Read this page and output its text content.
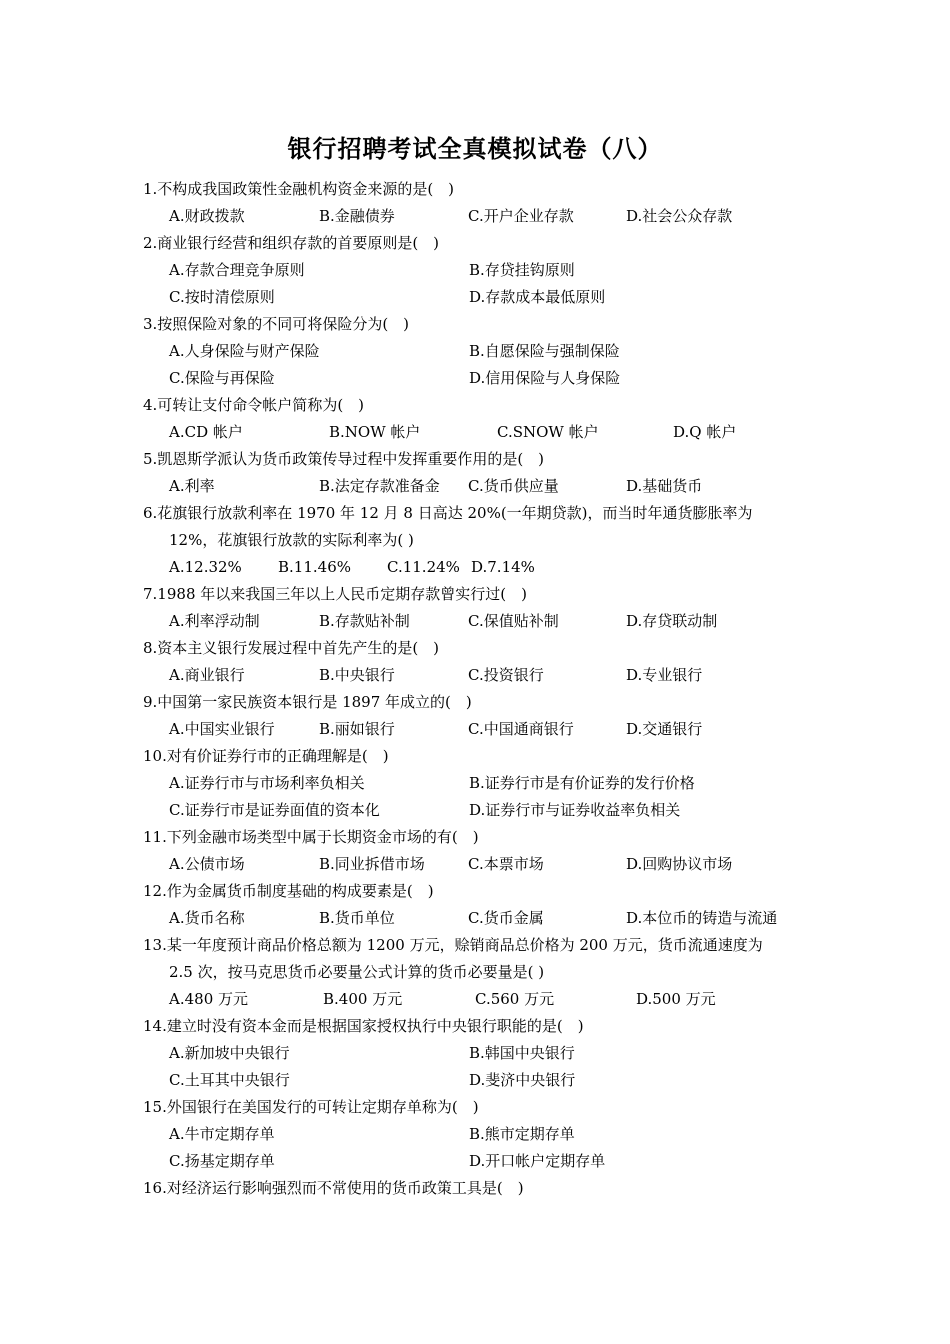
银行招聘考试全真模拟试卷（八）
1.不构成我国政策性金融机构资金来源的是(　)
A.财政拨款	B.金融债券	C.开户企业存款	D.社会公众存款
2.商业银行经营和组织存款的首要原则是(　)
A.存款合理竞争原则	B.存贷挂钩原则
C.按时清偿原则	D.存款成本最低原则
3.按照保险对象的不同可将保险分为(　)
A.人身保险与财产保险	B.自愿保险与强制保险
C.保险与再保险	D.信用保险与人身保险
4.可转让支付命令帐户简称为(　)
A.CD 帐户	B.NOW 帐户	C.SNOW 帐户	D.Q 帐户
5.凯恩斯学派认为货币政策传导过程中发挥重要作用的是(　)
A.利率	B.法定存款准备金 C.货币供应量	D.基础货币
6.花旗银行放款利率在 1970 年 12 月 8 日高达 20%(一年期贷款)，而当时年通货膨胀率为
12%，花旗银行放款的实际利率为( )
A.12.32% B.11.46% C.11.24% D.7.14%
7.1988 年以来我国三年以上人民币定期存款曾实行过(　)
A.利率浮动制	B.存款贴补制	C.保值贴补制	D.存贷联动制
8.资本主义银行发展过程中首先产生的是(　)
A.商业银行	B.中央银行	C.投资银行	D.专业银行
9.中国第一家民族资本银行是 1897 年成立的(　)
A.中国实业银行	B.丽如银行	C.中国通商银行	D.交通银行
10.对有价证券行市的正确理解是(　)
A.证券行市与市场利率负相关	B.证券行市是有价证券的发行价格
C.证券行市是证券面值的资本化	D.证券行市与证券收益率负相关
11.下列金融市场类型中属于长期资金市场的有(　)
A.公债市场	B.同业拆借市场	C.本票市场	D.回购协议市场
12.作为金属货币制度基础的构成要素是(　)
A.货币名称	B.货币单位	C.货币金属	D.本位币的铸造与流通
13.某一年度预计商品价格总额为 1200 万元，赊销商品总价格为 200 万元，货币流通速度为
2.5 次，按马克思货币必要量公式计算的货币必要量是( )
A.480 万元	B.400 万元	C.560 万元	D.500 万元
14.建立时没有资本金而是根据国家授权执行中央银行职能的是(　)
A.新加坡中央银行	B.韩国中央银行
C.土耳其中央银行	D.斐济中央银行
15.外国银行在美国发行的可转让定期存单称为(　)
A.牛市定期存单	B.熊市定期存单
C.扬基定期存单	D.开口帐户定期存单
16.对经济运行影响强烈而不常使用的货币政策工具是(　)
